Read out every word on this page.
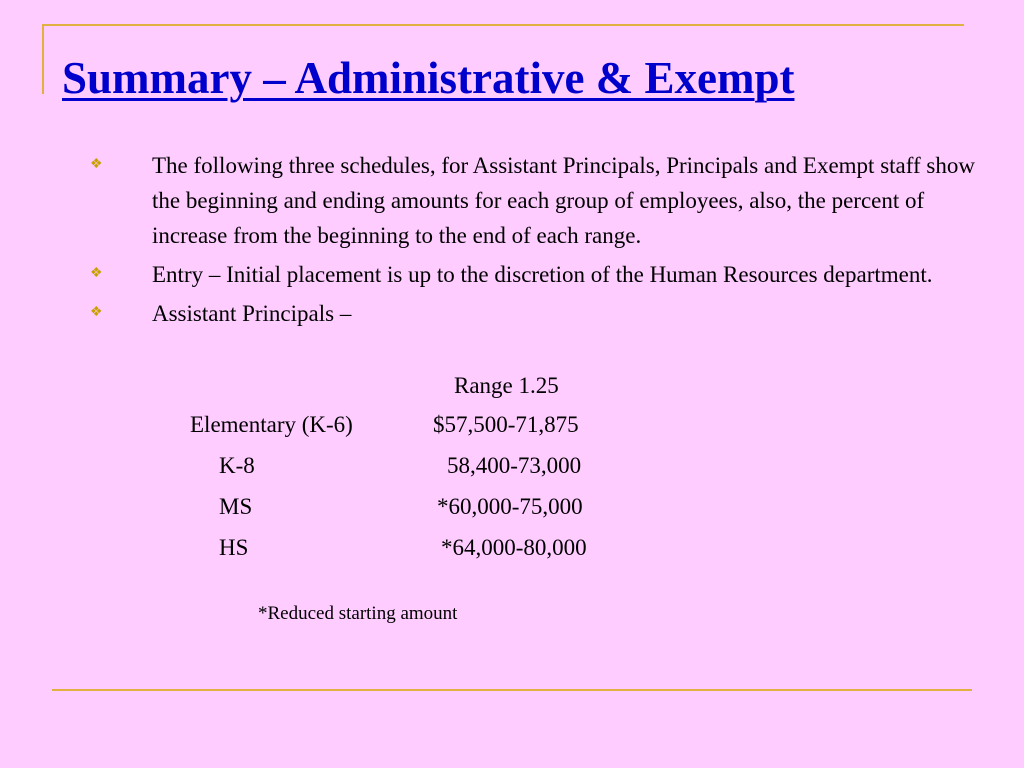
Summary – Administrative & Exempt
❖ The following three schedules, for Assistant Principals, Principals and Exempt staff show the beginning and ending amounts for each group of employees, also, the percent of increase from the beginning to the end of each range.
❖ Entry – Initial placement is up to the discretion of the Human Resources department.
❖ Assistant Principals –
Range 1.25
Elementary (K-6)	$57,500-71,875
K-8	58,400-73,000
MS	*60,000-75,000
HS	*64,000-80,000
*Reduced starting amount
